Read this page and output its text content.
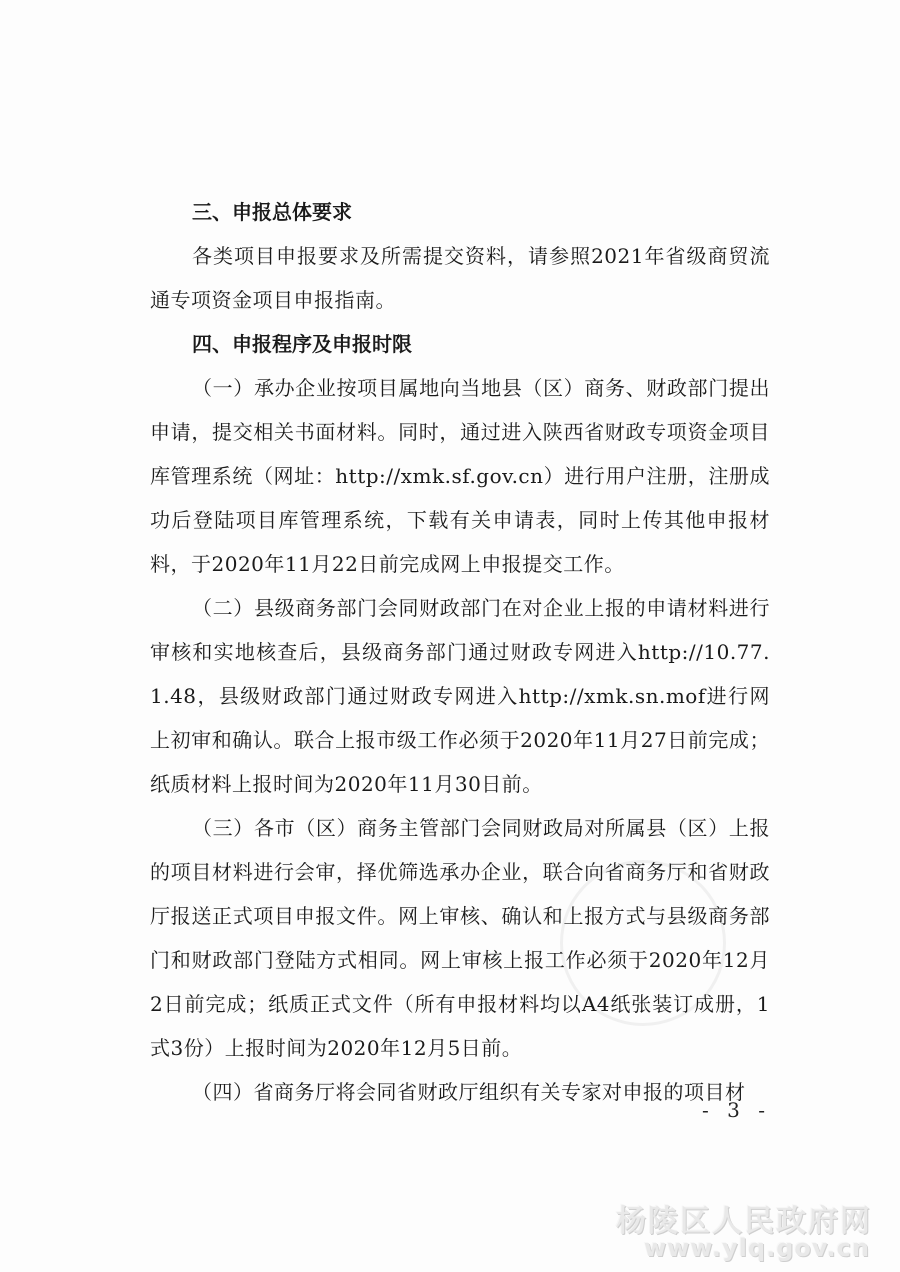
三、申报总体要求

各类项目申报要求及所需提交资料，请参照2021年省级商贸流通专项资金项目申报指南。

四、申报程序及申报时限

（一）承办企业按项目属地向当地县（区）商务、财政部门提出申请，提交相关书面材料。同时，通过进入陕西省财政专项资金项目库管理系统（网址：http://xmk.sf.gov.cn）进行用户注册，注册成功后登陆项目库管理系统，下载有关申请表，同时上传其他申报材料，于2020年11月22日前完成网上申报提交工作。

（二）县级商务部门会同财政部门在对企业上报的申请材料进行审核和实地核查后，县级商务部门通过财政专网进入http://10.77.1.48，县级财政部门通过财政专网进入http://xmk.sn.mof进行网上初审和确认。联合上报市级工作必须于2020年11月27日前完成；纸质材料上报时间为2020年11月30日前。

（三）各市（区）商务主管部门会同财政局对所属县（区）上报的项目材料进行会审，择优筛选承办企业，联合向省商务厅和省财政厅报送正式项目申报文件。网上审核、确认和上报方式与县级商务部门和财政部门登陆方式相同。网上审核上报工作必须于2020年12月2日前完成；纸质正式文件（所有申报材料均以A4纸张装订成册，1式3份）上报时间为2020年12月5日前。

（四）省商务厅将会同省财政厅组织有关专家对申报的项目材

- 3 -
杨陵区人民政府网
www.ylq.gov.cn
